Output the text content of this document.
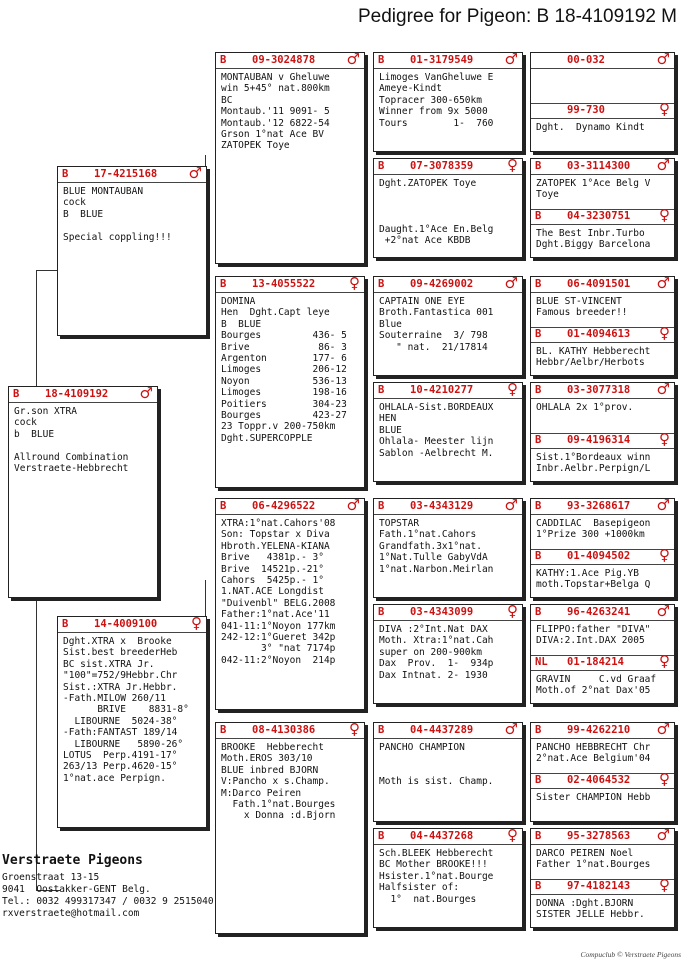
Pedigree for Pigeon: B 18-4109192 M
B 18-4109192 ♂
Gr.son XTRA
cock
b  BLUE
Allround Combination
Verstraete-Hebbrecht
B 17-4215168 ♂
BLUE MONTAUBAN
cock
B  BLUE
Special coppling!!!
B 14-4009100 ♀
Dght.XTRA x  Brooke
Sist.best breederHeb
BC sist.XTRA Jr.
"100"=752/9Hebbr.Chr
Sist.:XTRA Jr.Hebbr.
-Fath.MILOW 260/11
BRIVE    8831-8°
LIBOURNE  5024-38°
-Fath:FANTAST 189/14
LIBOURNE   5890-26°
LOTUS  Perp.4191-17°
263/13 Perp.4620-15°
1°nat.ace Perpign.
B 09-3024878 ♂
MONTAUBAN v Gheluwe
win 5+45° nat.800km
BC
Montaub.'11 9091- 5
Montaub.'12 6822-54
Grson 1°nat Ace BV
ZATOPEK Toye
B 13-4055522 ♀
DOMINA
Hen  Dght.Capt leye
B  BLUE
Bourges         436- 5
Brive            86- 3
Argenton        177- 6
Limoges         206-12
Noyon           536-13
Limoges         198-16
Poitiers        304-23
Bourges         423-27
23 Toppr.v 200-750km
Dght.SUPERCOPPLE
B 06-4296522 ♂
XTRA:1°nat.Cahors'08
Son: Topstar x Diva
Hbroth.YELENA-KIANA
Brive   4381p.- 3°
Brive  14521p.-21°
Cahors  5425p.- 1°
1.NAT.ACE Longdist
"Duivenbl" BELG.2008
Father:1°nat.Ace'11
041-11:1°Noyon 177km
242-12:1°Gueret 342p
3° "nat 7174p
042-11:2°Noyon  214p
B 08-4130386 ♀
BROOKE  Hebberecht
Moth.EROS 303/10
BLUE inbred BJORN
V:Pancho x s.Champ.
M:Darco Peiren
Fath.1°nat.Bourges
x Donna :d.Bjorn
B 01-3179549 ♂
Limoges VanGheluwe E
Ameye-Kindt
Topracer 300-650km
Winner from 9x 5000
Tours        1-  760
B 07-3078359 ♀
Dght.ZATOPEK Toye
Daught.1°Ace En.Belg
+2°nat Ace KBDB
B 09-4269002 ♂
CAPTAIN ONE EYE
Broth.Fantastica 001
Blue
Souterraine  3/ 798
" nat.  21/17814
B 10-4210277 ♀
OHLALA-Sist.BORDEAUX
HEN
BLUE
Ohlala- Meester lijn
Sablon -Aelbrecht M.
B 03-4343129 ♂
TOPSTAR
Fath.1°nat.Cahors
Grandfath.3x1°nat.
1°Nat.Tulle GabyVdA
1°nat.Narbon.Meirlan
B 03-4343099 ♀
DIVA :2°Int.Nat DAX
Moth. Xtra:1°nat.Cah
super on 200-900km
Dax  Prov.  1-  934p
Dax Intnat. 2- 1930
B 04-4437289 ♂
PANCHO CHAMPION
Moth is sist. Champ.
B 04-4437268 ♀
Sch.BLEEK Hebberecht
BC Mother BROOKE!!!
Hsister.1°nat.Bourge
Halfsister of:
1°  nat.Bourges
00-032	♂
99-730	♀
Dght.  Dynamo Kindt
B 03-3114300 ♂
ZATOPEK 1°Ace Belg V
Toye
B 04-3230751 ♀
The Best Inbr.Turbo
Dght.Biggy Barcelona
B 06-4091501 ♂
BLUE ST-VINCENT
Famous breeder!!
B 01-4094613 ♀
BL. KATHY Hebberecht
Hebbr/Aelbr/Herbots
B 03-3077318 ♂
OHLALA 2x 1°prov.
B 09-4196314 ♀
Sist.1°Bordeaux winn
Inbr.Aelbr.Perpign/L
B 93-3268617 ♂
CADDILAC  Basepigeon
1°Prize 300 +1000km
B 01-4094502 ♀
KATHY:1.Ace Pig.YB
moth.Topstar+Belga Q
B 96-4263241 ♂
FLIPPO:father "DIVA"
DIVA:2.Int.DAX 2005
NL 01-184214 ♀
GRAVIN     C.vd Graaf
Moth.of 2°nat Dax'05
B 99-4262210 ♂
PANCHO HEBBRECHT Chr
2°nat.Ace Belgium'04
B 02-4064532 ♀
Sister CHAMPION Hebb
B 95-3278563 ♂
DARCO PEIREN Noel
Father 1°nat.Bourges
B 97-4182143 ♀
DONNA :Dght.BJORN
SISTER JELLE Hebbr.
Verstraete Pigeons
Groenstraat 13-15
9041  Oostakker-GENT Belg.
Tel.: 0032 499317347 / 0032 9 2515040
rxverstraete@hotmail.com
Compuclub © Verstraete Pigeons
